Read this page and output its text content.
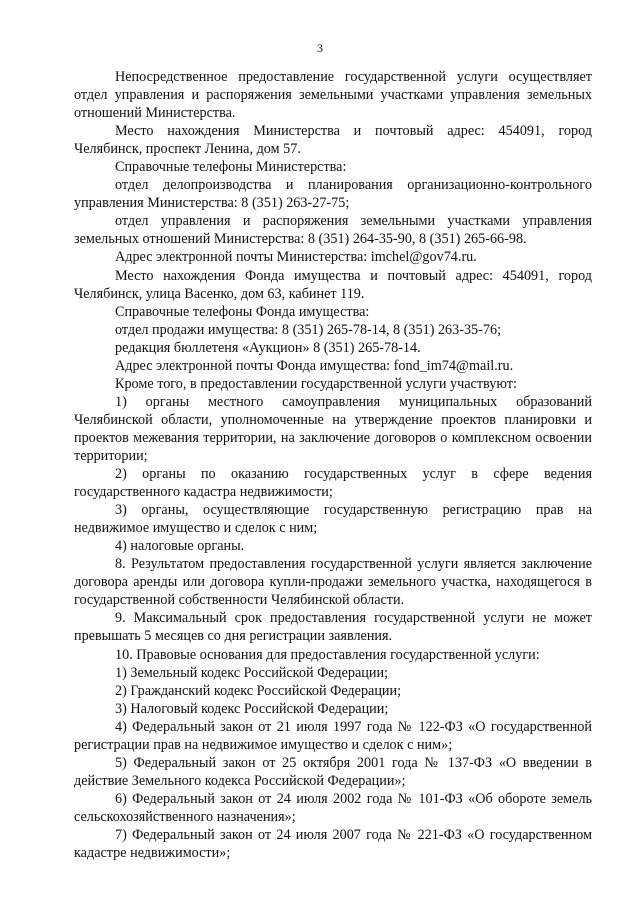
3

Непосредственное предоставление государственной услуги осуществляет отдел управления и распоряжения земельными участками управления земельных отношений Министерства.

Место нахождения Министерства и почтовый адрес: 454091, город Челябинск, проспект Ленина, дом 57.

Справочные телефоны Министерства:

отдел делопроизводства и планирования организационно-контрольного управления Министерства: 8 (351) 263-27-75;

отдел управления и распоряжения земельными участками управления земельных отношений Министерства: 8 (351) 264-35-90, 8 (351) 265-66-98.

Адрес электронной почты Министерства: imchel@gov74.ru.

Место нахождения Фонда имущества и почтовый адрес: 454091, город Челябинск, улица Васенко, дом 63, кабинет 119.

Справочные телефоны Фонда имущества:

отдел продажи имущества: 8 (351) 265-78-14, 8 (351) 263-35-76;

редакция бюллетеня «Аукцион» 8 (351) 265-78-14.

Адрес электронной почты Фонда имущества: fond_im74@mail.ru.

Кроме того, в предоставлении государственной услуги участвуют:

1) органы местного самоуправления муниципальных образований Челябинской области, уполномоченные на утверждение проектов планировки и проектов межевания территории, на заключение договоров о комплексном освоении территории;

2) органы по оказанию государственных услуг в сфере ведения государственного кадастра недвижимости;

3) органы, осуществляющие государственную регистрацию прав на недвижимое имущество и сделок с ним;

4) налоговые органы.

8. Результатом предоставления государственной услуги является заключение договора аренды или договора купли-продажи земельного участка, находящегося в государственной собственности Челябинской области.

9. Максимальный срок предоставления государственной услуги не может превышать 5 месяцев со дня регистрации заявления.

10. Правовые основания для предоставления государственной услуги:

1) Земельный кодекс Российской Федерации;

2) Гражданский кодекс Российской Федерации;

3) Налоговый кодекс Российской Федерации;

4) Федеральный закон от 21 июля 1997 года № 122-ФЗ «О государственной регистрации прав на недвижимое имущество и сделок с ним»;

5) Федеральный закон от 25 октября 2001 года № 137-ФЗ «О введении в действие Земельного кодекса Российской Федерации»;

6) Федеральный закон от 24 июля 2002 года № 101-ФЗ «Об обороте земель сельскохозяйственного назначения»;

7) Федеральный закон от 24 июля 2007 года № 221-ФЗ «О государственном кадастре недвижимости»;
